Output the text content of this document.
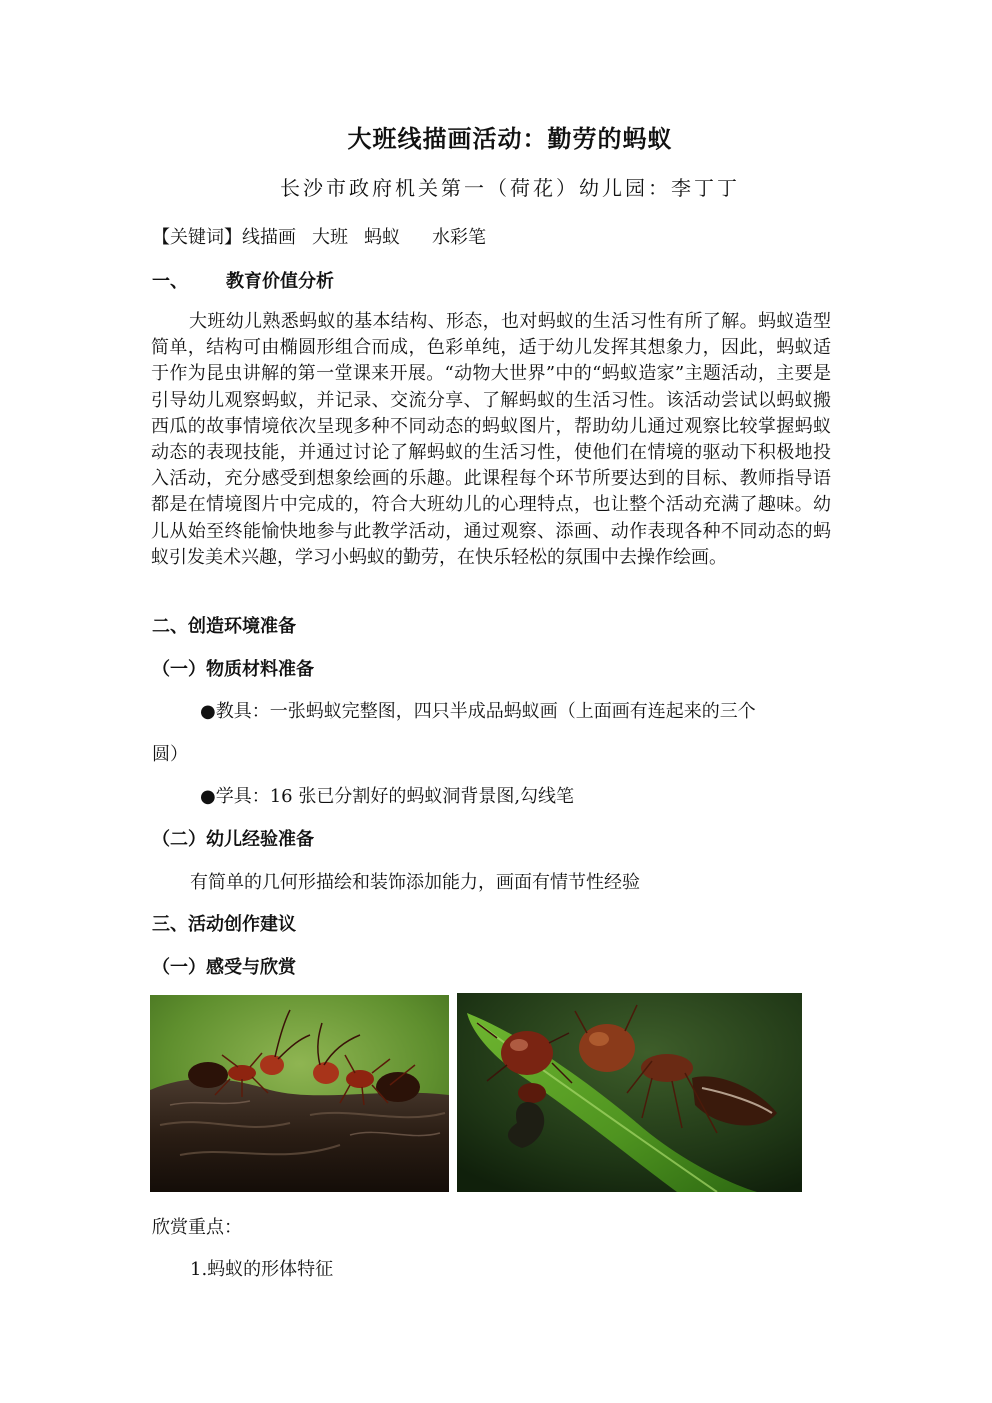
大班线描画活动：勤劳的蚂蚁
长沙市政府机关第一（荷花）幼儿园：李丁丁
【关键词】线描画 大班 蚂蚁 水彩笔
一、 教育价值分析
大班幼儿熟悉蚂蚁的基本结构、形态，也对蚂蚁的生活习性有所了解。蚂蚁造型简单，结构可由椭圆形组合而成，色彩单纯，适于幼儿发挥其想象力，因此，蚂蚁适于作为昆虫讲解的第一堂课来开展。“动物大世界”中的“蚂蚁造家”主题活动，主要是引导幼儿观察蚂蚁，并记录、交流分享、了解蚂蚁的生活习性。该活动尝试以蚂蚁搬西瓜的故事情境依次呈现多种不同动态的蚂蚁图片，帮助幼儿通过观察比较掌握蚂蚁动态的表现技能，并通过讨论了解蚂蚁的生活习性，使他们在情境的驱动下积极地投入活动，充分感受到想象绘画的乐趣。此课程每个环节所要达到的目标、教师指导语都是在情境图片中完成的，符合大班幼儿的心理特点，也让整个活动充满了趣味。幼儿从始至终能愉快地参与此教学活动，通过观察、添画、动作表现各种不同动态的蚂蚁引发美术兴趣，学习小蚂蚁的勤劳，在快乐轻松的氛围中去操作绘画。
二、创造环境准备
（一）物质材料准备
●教具：一张蚂蚁完整图，四只半成品蚂蚁画（上面画有连起来的三个
圆）
●学具：16 张已分割好的蚂蚁洞背景图,勾线笔
（二）幼儿经验准备
有简单的几何形描绘和装饰添加能力，画面有情节性经验
三、活动创作建议
（一）感受与欣赏
欣赏重点：
1.蚂蚁的形体特征
